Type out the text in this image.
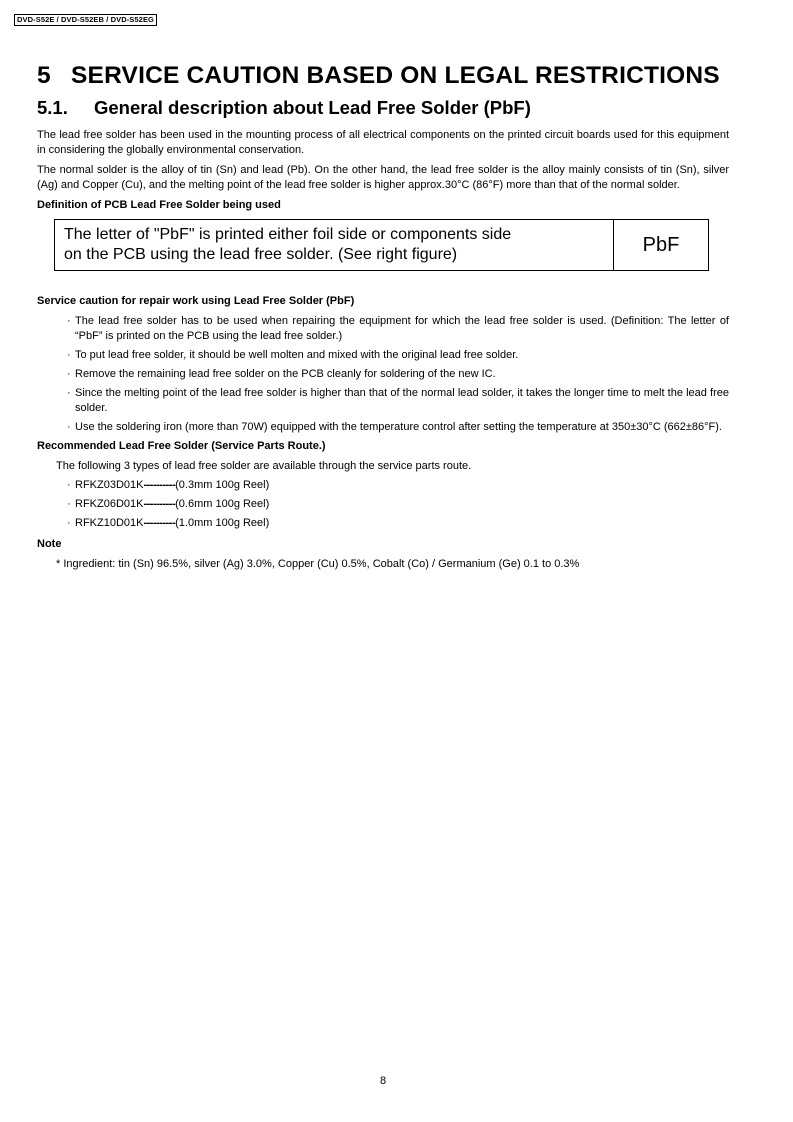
DVD-S52E / DVD-S52EB / DVD-S52EG
5 SERVICE CAUTION BASED ON LEGAL RESTRICTIONS
5.1. General description about Lead Free Solder (PbF)

The lead free solder has been used in the mounting process of all electrical components on the printed circuit boards used for this equipment in considering the globally environmental conservation.

The normal solder is the alloy of tin (Sn) and lead (Pb). On the other hand, the lead free solder is the alloy mainly consists of tin (Sn), silver (Ag) and Copper (Cu), and the melting point of the lead free solder is higher approx.30°C (86°F) more than that of the normal solder.

Definition of PCB Lead Free Solder being used

The letter of "PbF" is printed either foil side or components side
on the PCB using the lead free solder. (See right figure)	PbF

Service caution for repair work using Lead Free Solder (PbF)

· The lead free solder has to be used when repairing the equipment for which the lead free solder is used. (Definition: The letter of “PbF” is printed on the PCB using the lead free solder.)
· To put lead free solder, it should be well molten and mixed with the original lead free solder.
· Remove the remaining lead free solder on the PCB cleanly for soldering of the new IC.
· Since the melting point of the lead free solder is higher than that of the normal lead solder, it takes the longer time to melt the lead free solder.
· Use the soldering iron (more than 70W) equipped with the temperature control after setting the temperature at 350±30°C (662±86°F).

Recommended Lead Free Solder (Service Parts Route.)

The following 3 types of lead free solder are available through the service parts route.

· RFKZ03D01K----------(0.3mm 100g Reel)
· RFKZ06D01K----------(0.6mm 100g Reel)
· RFKZ10D01K----------(1.0mm 100g Reel)

Note

* Ingredient: tin (Sn) 96.5%, silver (Ag) 3.0%, Copper (Cu) 0.5%, Cobalt (Co) / Germanium (Ge) 0.1 to 0.3%

8
